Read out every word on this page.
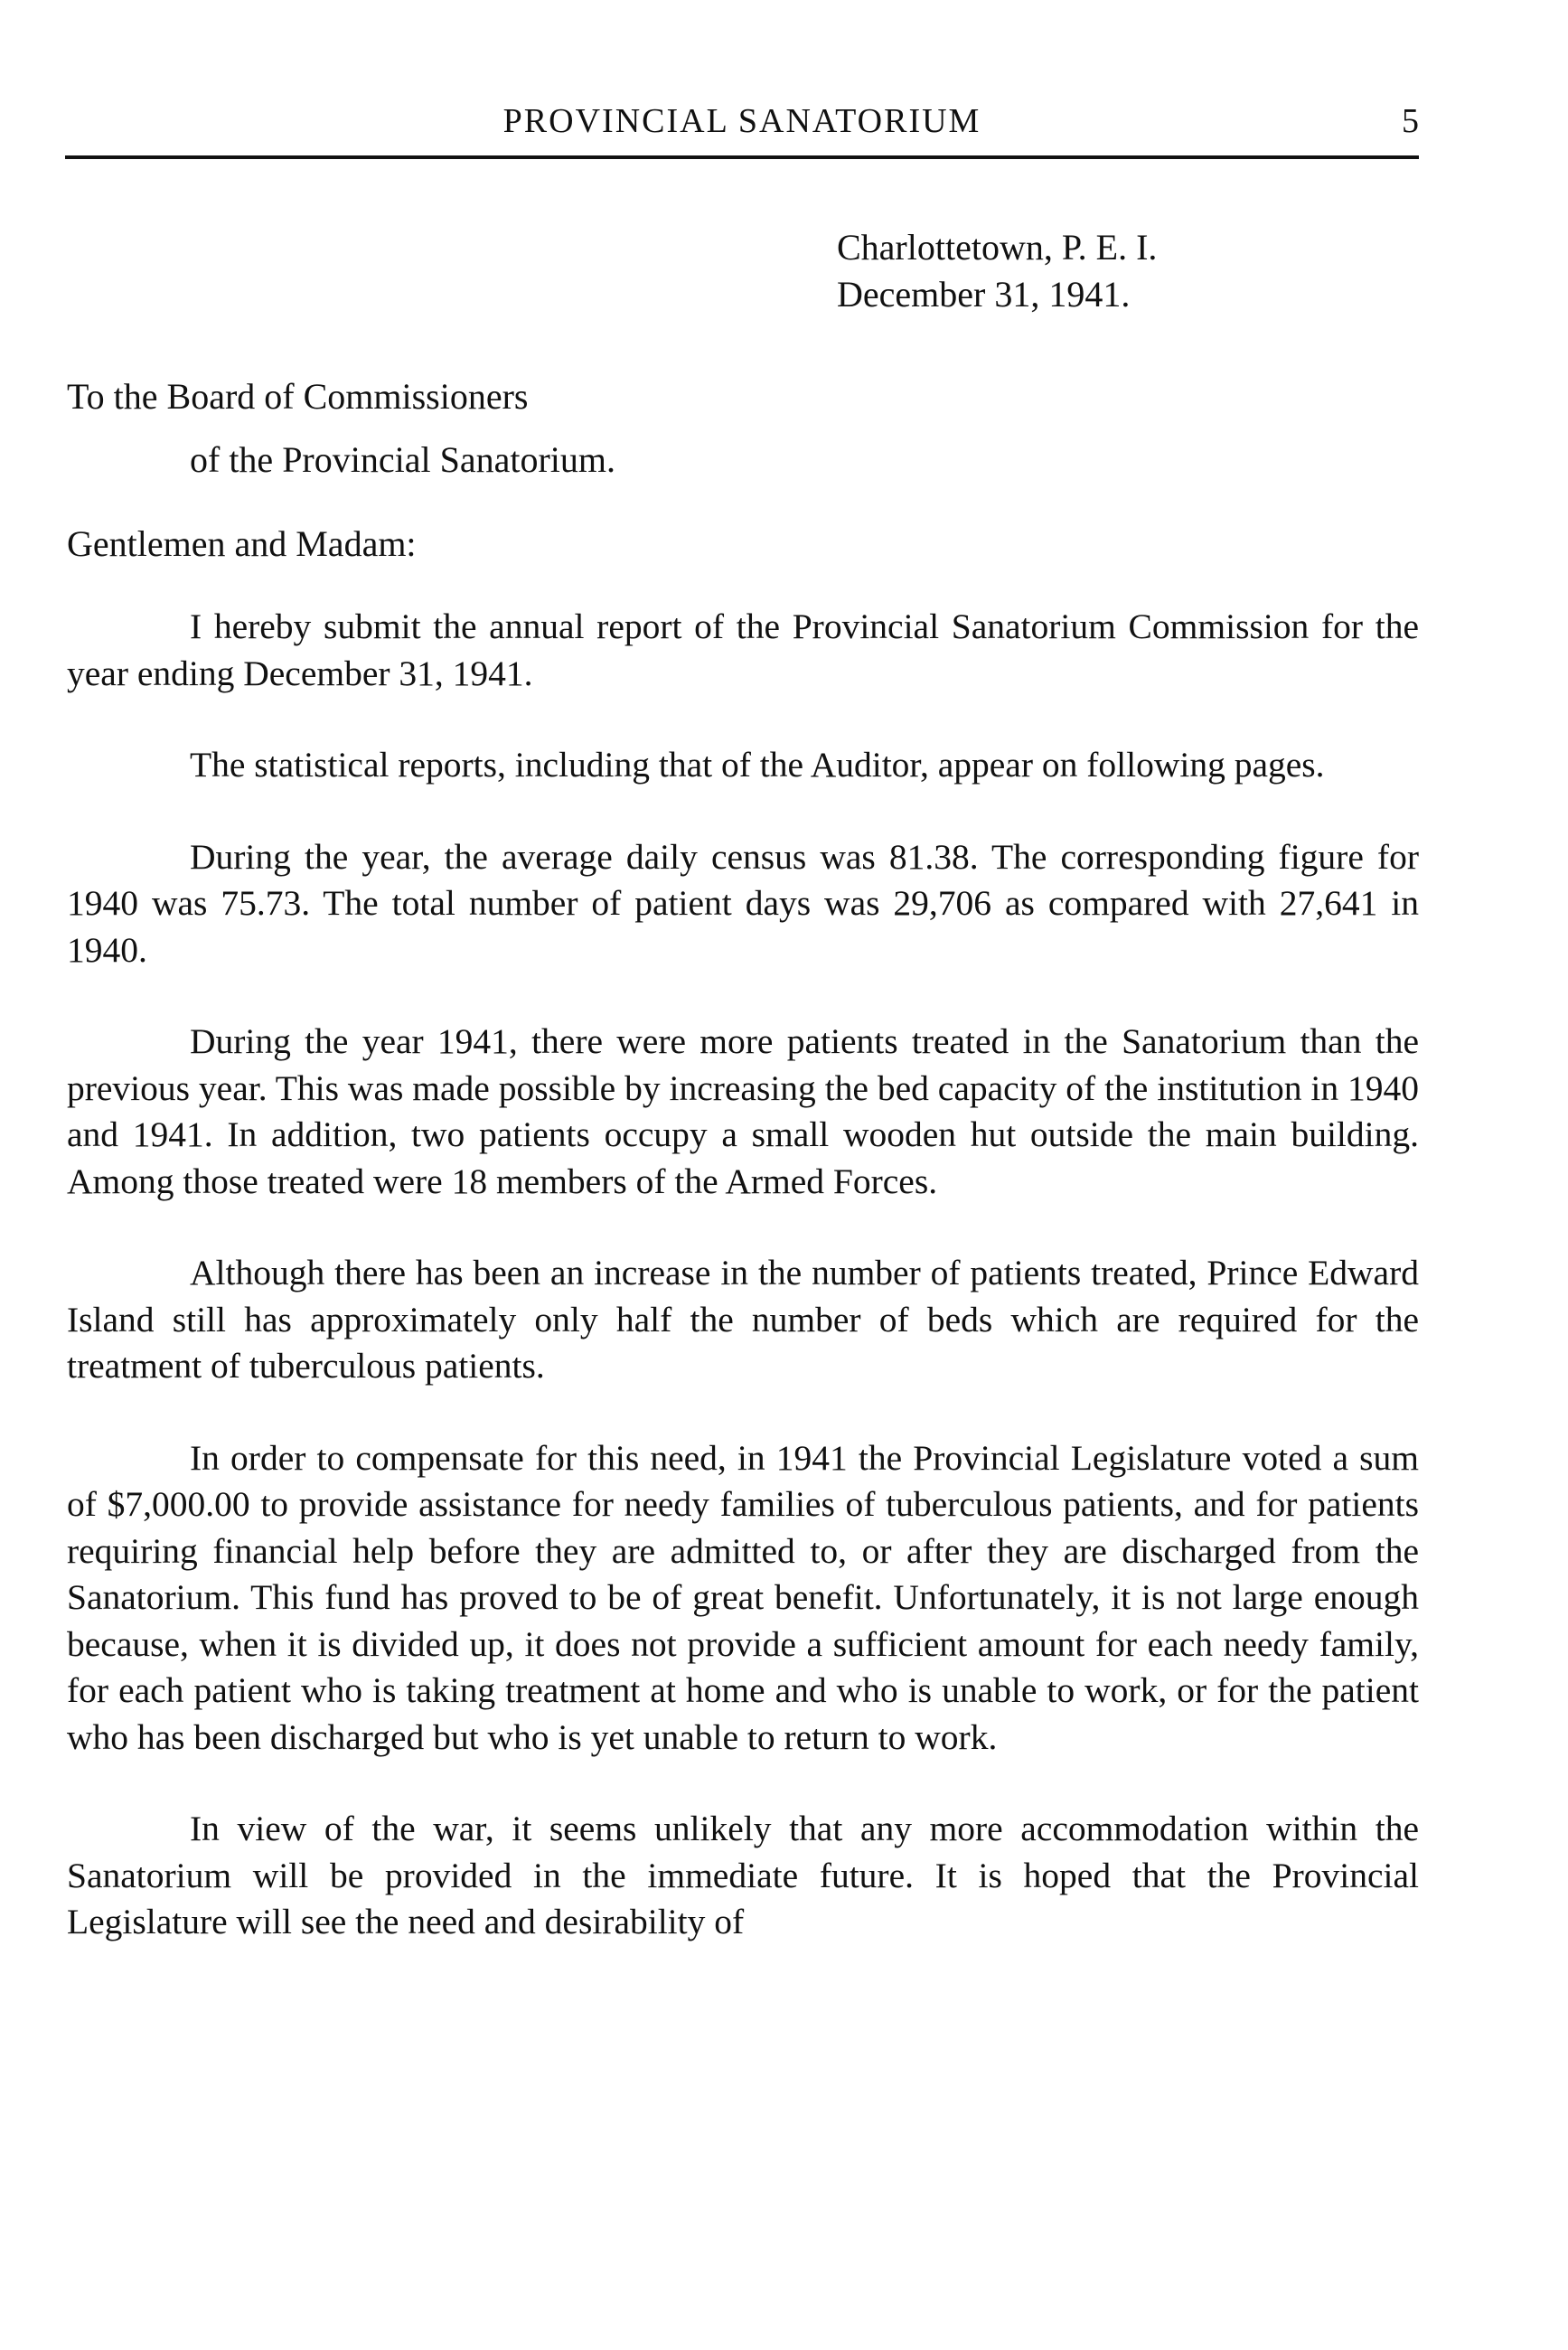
PROVINCIAL SANATORIUM	5
Charlottetown, P. E. I.
December 31, 1941.
To the Board of Commissioners
of the Provincial Sanatorium.
Gentlemen and Madam:

I hereby submit the annual report of the Provincial Sanatorium Commission for the year ending December 31, 1941.

The statistical reports, including that of the Auditor, appear on following pages.

During the year, the average daily census was 81.38. The corresponding figure for 1940 was 75.73. The total number of patient days was 29,706 as compared with 27,641 in 1940.

During the year 1941, there were more patients treated in the Sanatorium than the previous year. This was made possible by increasing the bed capacity of the institution in 1940 and 1941. In addition, two patients occupy a small wooden hut outside the main building. Among those treated were 18 members of the Armed Forces.

Although there has been an increase in the number of patients treated, Prince Edward Island still has approximately only half the number of beds which are required for the treatment of tuberculous patients.

In order to compensate for this need, in 1941 the Provincial Legislature voted a sum of $7,000.00 to provide assistance for needy families of tuberculous patients, and for patients requiring financial help before they are admitted to, or after they are discharged from the Sanatorium. This fund has proved to be of great benefit. Unfortunately, it is not large enough because, when it is divided up, it does not provide a sufficient amount for each needy family, for each patient who is taking treatment at home and who is unable to work, or for the patient who has been discharged but who is yet unable to return to work.

In view of the war, it seems unlikely that any more accommodation within the Sanatorium will be provided in the immediate future. It is hoped that the Provincial Legislature will see the need and desirability of
